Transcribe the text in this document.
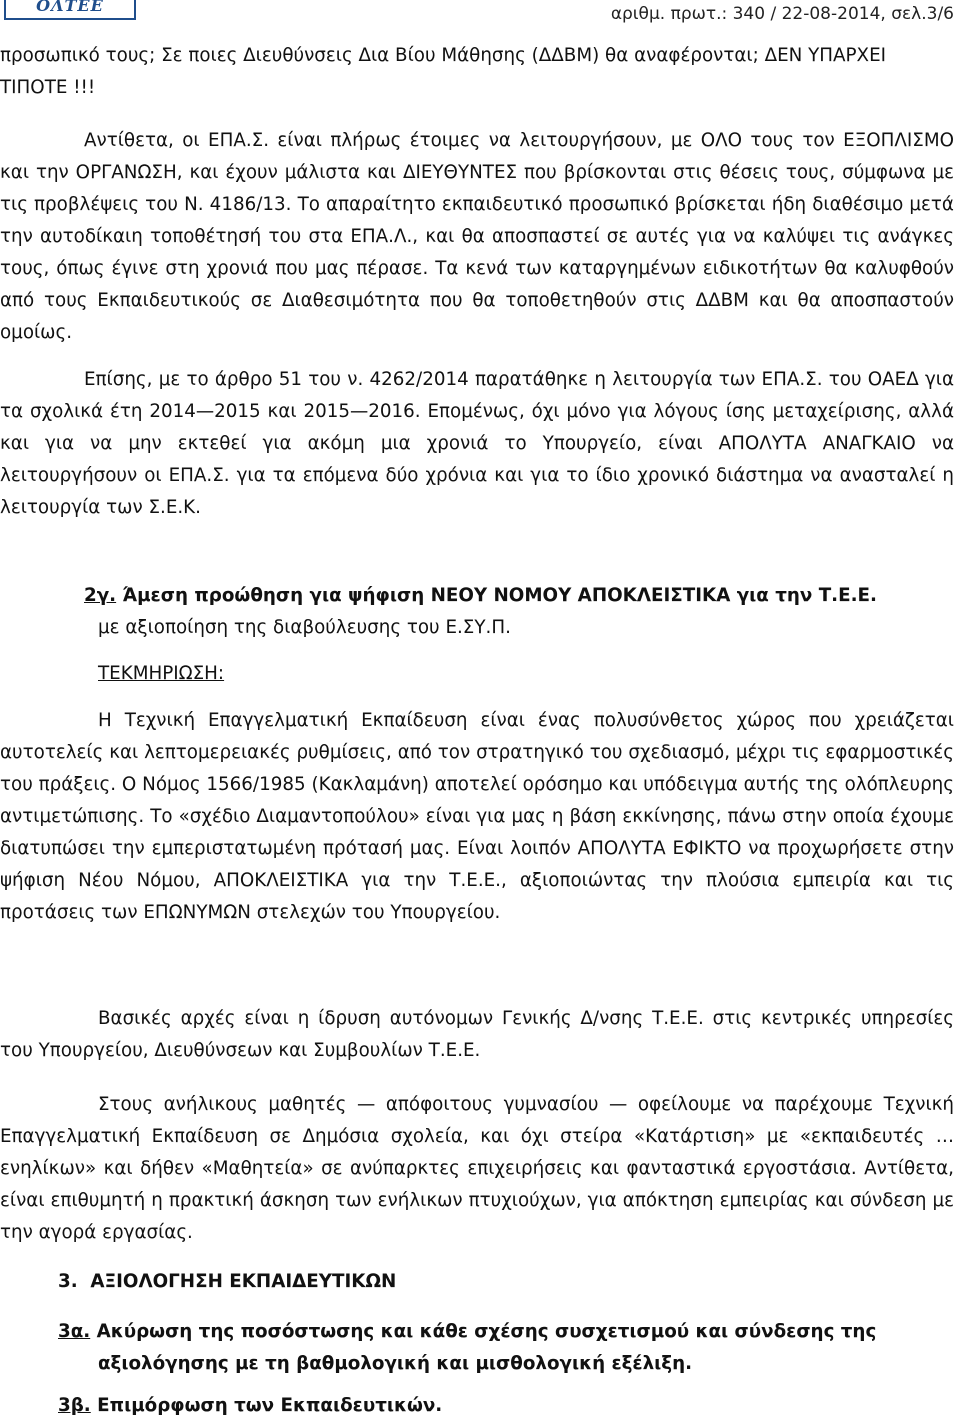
ΟΛΤΕΕ	αριθμ. πρωτ.: 340 / 22-08-2014, σελ.3/6
προσωπικό τους; Σε ποιες Διευθύνσεις Δια Βίου Μάθησης (ΔΔΒΜ) θα αναφέρονται; ΔΕΝ ΥΠΑΡΧΕΙ ΤΙΠΟΤΕ !!!
Αντίθετα, οι ΕΠΑ.Σ. είναι πλήρως έτοιμες να λειτουργήσουν, με ΟΛΟ τους τον ΕΞΟΠΛΙΣΜΟ και την ΟΡΓΑΝΩΣΗ, και έχουν μάλιστα και ΔΙΕΥΘΥΝΤΕΣ που βρίσκονται στις θέσεις τους, σύμφωνα με τις προβλέψεις του Ν. 4186/13. Το απαραίτητο εκπαιδευτικό προσωπικό βρίσκεται ήδη διαθέσιμο μετά την αυτοδίκαιη τοποθέτησή του στα ΕΠΑ.Λ., και θα αποσπαστεί σε αυτές για να καλύψει τις ανάγκες τους, όπως έγινε στη χρονιά που μας πέρασε. Τα κενά των καταργημένων ειδικοτήτων θα καλυφθούν από τους Εκπαιδευτικούς σε Διαθεσιμότητα που θα τοποθετηθούν στις ΔΔΒΜ και θα αποσπαστούν ομοίως.
Επίσης, με το άρθρο 51 του ν. 4262/2014 παρατάθηκε η λειτουργία των ΕΠΑ.Σ. του ΟΑΕΔ για τα σχολικά έτη 2014—2015 και 2015—2016. Επομένως, όχι μόνο για λόγους ίσης μεταχείρισης, αλλά και για να μην εκτεθεί για ακόμη μια χρονιά το Υπουργείο, είναι ΑΠΟΛΥΤΑ ΑΝΑΓΚΑΙΟ να λειτουργήσουν οι ΕΠΑ.Σ. για τα επόμενα δύο χρόνια και για το ίδιο χρονικό διάστημα να ανασταλεί η λειτουργία των Σ.Ε.Κ.
2γ. Άμεση προώθηση για ψήφιση ΝΕΟΥ ΝΟΜΟΥ ΑΠΟΚΛΕΙΣΤΙΚΑ για την Τ.Ε.Ε.
με αξιοποίηση της διαβούλευσης του Ε.ΣΥ.Π.
ΤΕΚΜΗΡΙΩΣΗ:
Η Τεχνική Επαγγελματική Εκπαίδευση είναι ένας πολυσύνθετος χώρος που χρειάζεται αυτοτελείς και λεπτομερειακές ρυθμίσεις, από τον στρατηγικό του σχεδιασμό, μέχρι τις εφαρμοστικές του πράξεις. Ο Νόμος 1566/1985 (Κακλαμάνη) αποτελεί ορόσημο και υπόδειγμα αυτής της ολόπλευρης αντιμετώπισης. Το «σχέδιο Διαμαντοπούλου» είναι για μας η βάση εκκίνησης, πάνω στην οποία έχουμε διατυπώσει την εμπεριστατωμένη πρότασή μας. Είναι λοιπόν ΑΠΟΛΥΤΑ ΕΦΙΚΤΟ να προχωρήσετε στην ψήφιση Νέου Νόμου, ΑΠΟΚΛΕΙΣΤΙΚΑ για την Τ.Ε.Ε., αξιοποιώντας την πλούσια εμπειρία και τις προτάσεις των ΕΠΩΝΥΜΩΝ στελεχών του Υπουργείου.
Βασικές αρχές είναι η ίδρυση αυτόνομων Γενικής Δ/νσης Τ.Ε.Ε. στις κεντρικές υπηρεσίες του Υπουργείου, Διευθύνσεων και Συμβουλίων Τ.Ε.Ε.
Στους ανήλικους μαθητές — απόφοιτους γυμνασίου — οφείλουμε να παρέχουμε Τεχνική Επαγγελματική Εκπαίδευση σε Δημόσια σχολεία, και όχι στείρα «Κατάρτιση» με «εκπαιδευτές …ενηλίκων» και δήθεν «Μαθητεία» σε ανύπαρκτες επιχειρήσεις και φανταστικά εργοστάσια. Αντίθετα, είναι επιθυμητή η πρακτική άσκηση των ενήλικων πτυχιούχων, για απόκτηση εμπειρίας και σύνδεση με την αγορά εργασίας.
3. ΑΞΙΟΛΟΓΗΣΗ ΕΚΠΑΙΔΕΥΤΙΚΩΝ
3α. Ακύρωση της ποσόστωσης και κάθε σχέσης συσχετισμού και σύνδεσης της αξιολόγησης με τη βαθμολογική και μισθολογική εξέλιξη.
3β. Επιμόρφωση των Εκπαιδευτικών.
